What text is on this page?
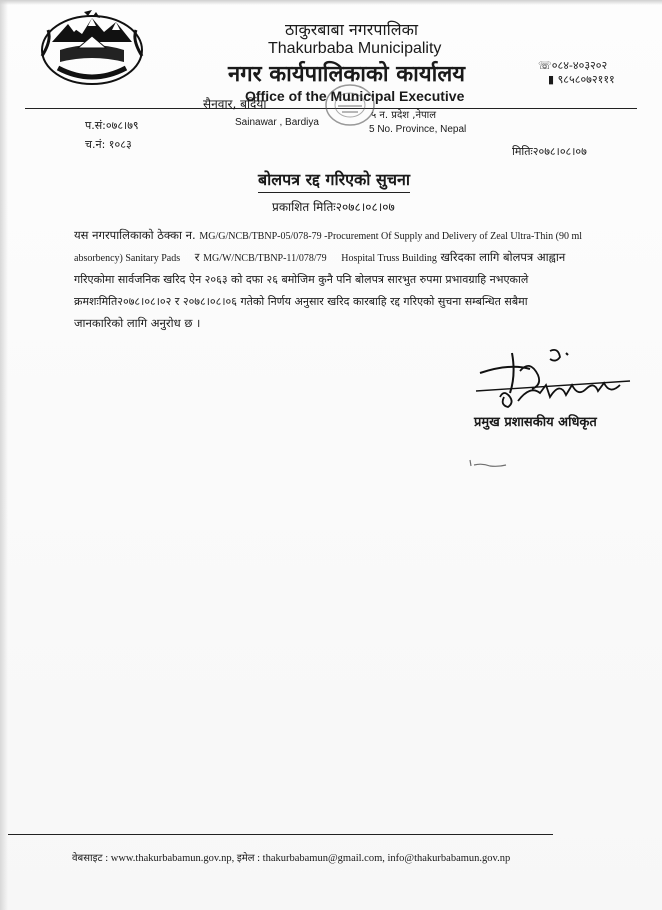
ठाकुरबाबा नगरपालिका
Thakurbaba Municipality
नगर कार्यपालिकाको कार्यालय
Office of the Municipal Executive
☏०८४-४०३२०२
▮ ९८५८०७२१११
सैनवार, बर्दिया
Sainawar , Bardiya
५ न. प्रदेश ,नेपाल
5 No. Province, Nepal
प.सं:०७८।७९
च.नं: १०८३
मितिः२०७८।०८।०७
बोलपत्र रद्द गरिएको सुचना
प्रकाशित मितिः२०७८।०८।०७
यस नगरपालिकाको ठेक्का न. MG/G/NCB/TBNP-05/078-79 -Procurement Of Supply and Delivery of Zeal Ultra-Thin (90 ml
absorbency) Sanitary Pads र MG/W/NCB/TBNP-11/078/79 Hospital Truss Building खरिदका लागि बोलपत्र आह्वान
गरिएकोमा सार्वजनिक खरिद ऐन २०६३ को दफा २६ बमोजिम कुनै पनि बोलपत्र सारभुत रुपमा प्रभावग्राहि नभएकाले
क्रमशःमिति२०७८।०८।०२ र २०७८।०८।०६ गतेको निर्णय अनुसार खरिद कारबाहि रद्द गरिएको सुचना सम्बन्धित सबैमा
जानकारिको लागि अनुरोध छ ।
प्रमुख प्रशासकीय अधिकृत
वेबसाइट : www.thakurbabamun.gov.np, इमेल : thakurbabamun@gmail.com, info@thakurbabamun.gov.np
